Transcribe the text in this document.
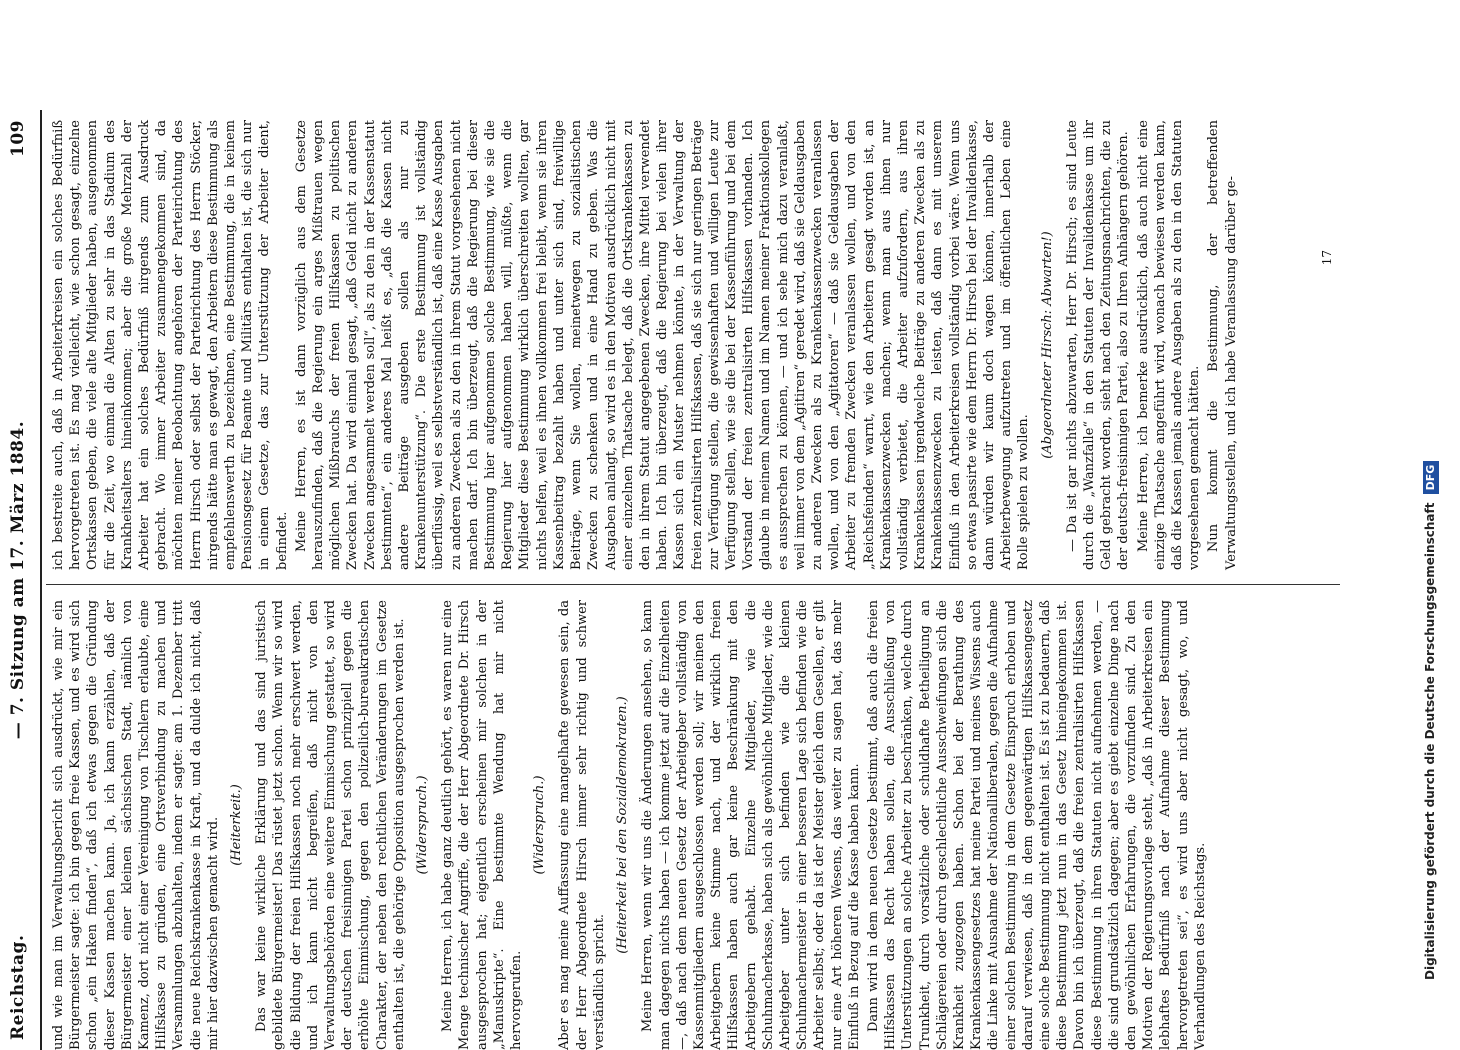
Reichstag.
— 7. Sitzung am 17. März 1884.
109

und wie man im Verwaltungsbericht sich ausdrückt, wie mir ein Bürgermeister sagte: ich bin gegen freie Kassen, und es wird sich schon „ein Haken finden“, daß ich etwas gegen die Gründung dieser Kassen machen kann. Ja, ich kann erzählen, daß der Bürgermeister einer kleinen sächsischen Stadt, nämlich von Kamenz, dort nicht einer Vereinigung von Tischlern erlaubte, eine Hilfskasse zu gründen, eine Ortsverbindung zu machen und Versammlungen abzuhalten, indem er sagte: am 1. Dezember tritt die neue Reichskrankenkasse in Kraft, und da dulde ich nicht, daß mir hier dazwischen gemacht wird. (Heiterkeit.) Das war keine wirkliche Erklärung und das sind juristisch gebildete Bürgermeister! Das rüstet jetzt schon. Wenn wir so wird die Bildung der freien Hilfskassen noch mehr erschwert werden, und ich kann nicht begreifen, daß nicht von den Verwaltungsbehörden eine weitere Einmischung gestattet, so wird der deutschen freisinnigen Partei schon prinzipiell gegen die erhöhte Einmischung, gegen den polizeilich-bureaukratischen Charakter, der neben den rechtlichen Veränderungen im Gesetze enthalten ist, die gehörige Opposition ausgesprochen werden ist. (Widerspruch.) Meine Herren, ich habe ganz deutlich gehört, es waren nur eine Menge technischer Angriffe, die der Herr Abgeordnete Dr. Hirsch ausgesprochen hat; eigentlich erscheinen mir solchen in der „Manuskripte“. Eine bestimmte Wendung hat mir nicht hervorgerufen.

(Widerspruch.) Aber es mag meine Auffassung eine mangelhafte gewesen sein, da der Herr Abgeordnete Hirsch immer sehr richtig und schwer verständlich spricht.

(Heiterkeit bei den Sozialdemokraten.) Meine Herren, wenn wir uns die Änderungen ansehen, so kann man dagegen nichts haben — ich komme jetzt auf die Einzelheiten —, daß nach dem neuen Gesetz der Arbeitgeber vollständig von Kassenmitgliedern ausgeschlossen werden soll; wir meinen den Arbeitgebern keine Stimme nach, und der wirklich freien Hilfskassen haben auch gar keine Beschränkung mit den Arbeitgebern gehabt. Einzelne Mitglieder, wie die Schuhmacherkasse, haben sich als gewöhnliche Mitglieder, wie die Arbeitgeber unter sich befinden wie die kleinen Schuhmachermeister in einer besseren Lage sich befinden wie die Arbeiter selbst; oder da ist der Meister gleich dem Gesellen, er gilt nur eine Art höheren Wesens, das weiter zu sagen hat, das mehr Einfluß in Bezug auf die Kasse haben kann. Dann wird in dem neuen Gesetze bestimmt, daß auch die freien Hilfskassen das Recht haben sollen, die Ausschließung von Unterstützungen an solche Arbeiter zu beschränken, welche durch Trunkheit, durch vorsätzliche oder schuldhafte Betheiligung an Schlägereien oder durch geschlechtliche Ausschweifungen sich die Krankheit zugezogen haben. Schon bei der Berathung des Krankenkassengesetzes hat meine Partei und meines Wissens auch die Linke mit Ausnahme der Nationalliberalen, gegen die Aufnahme einer solchen Bestimmung in dem Gesetze Einspruch erhoben und darauf verwiesen, daß in dem gegenwärtigen Hilfskassengesetz eine solche Bestimmung nicht enthalten ist. Es ist zu bedauern, daß diese Bestimmung jetzt nun in das Gesetz hineingekommen ist. Davon bin ich überzeugt, daß die freien zentralisirten Hilfskassen diese Bestimmung in ihren Statuten nicht aufnehmen werden, — die sind grundsätzlich dagegen; aber es giebt einzelne Dinge nach den gewöhnlichen Erfahrungen, die vorzufinden sind. Zu den Motiven der Regierungsvorlage steht, „daß in Arbeiterkreisen ein lebhaftes Bedürfniß nach der Aufnahme dieser Bestimmung hervorgetreten sei“, es wird uns aber nicht gesagt, wo, und Verhandlungen des Reichstags.

ich bestreite auch, daß in Arbeiterkreisen ein solches Bedürfniß hervorgetreten ist. Es mag vielleicht, wie schon gesagt, einzelne Ortskassen geben, die viele alte Mitglieder haben, ausgenommen für die Zeit, wo einmal die Alten zu sehr in das Stadium des Krankheitsalters hineinkommen; aber die große Mehrzahl der Arbeiter hat ein solches Bedürfniß nirgends zum Ausdruck gebracht. Wo immer Arbeiter zusammengekommen sind, da möchten meiner Beobachtung angehören der Parteirichtung des Herrn Hirsch oder selbst der Parteirichtung des Herrn Stöcker, nirgends hätte man es gewagt, den Arbeitern diese Bestimmung als empfehlenswerth zu bezeichnen, eine Bestimmung, die in keinem Pensionsgesetz für Beamte und Militärs enthalten ist, die sich nur in einem Gesetze, das zur Unterstützung der Arbeiter dient, befindet. Meine Herren, es ist dann vorzüglich aus dem Gesetze herauszufinden, daß die Regierung ein arges Mißtrauen wegen möglichen Mißbrauchs der freien Hilfskassen zu politischen Zwecken hat. Da wird einmal gesagt, „daß Geld nicht zu anderen Zwecken angesammelt werden soll“, als zu den in der Kassenstatut bestimmten“, ein anderes Mal heißt es, „daß die Kassen nicht andere Beiträge ausgeben sollen als nur zu Krankenunterstützung“. Die erste Bestimmung ist vollständig überflüssig, weil es selbstverständlich ist, daß eine Kasse Ausgaben zu anderen Zwecken als zu den in ihrem Statut vorgesehenen nicht machen darf. Ich bin überzeugt, daß die Regierung bei dieser Bestimmung hier aufgenommen solche Bestimmung, wie sie die Regierung hier aufgenommen haben will, müßte, wenn die Mitglieder diese Bestimmung wirklich überschreiten wollten, gar nichts helfen, weil es ihnen vollkommen frei bleibt, wenn sie ihren Kassenbeitrag bezahlt haben und unter sich sind, freiwillige Beiträge, wenn Sie wollen, meinetwegen zu sozialistischen Zwecken zu schenken und in eine Hand zu geben. Was die Ausgaben anlangt, so wird es in den Motiven ausdrücklich nicht mit einer einzelnen Thatsache belegt, daß die Ortskrankenkassen zu den in ihrem Statut angegebenen Zwecken, ihre Mittel verwendet haben. Ich bin überzeugt, daß die Regierung bei vielen ihrer Kassen sich ein Muster nehmen könnte, in der Verwaltung der freien zentralisirten Hilfskassen, daß sie sich nur geringen Beträge zur Verfügung stellen, die gewissenhaften und willigen Leute zur Verfügung stellen, wie sie die bei der Kassenführung und bei dem Vorstand der freien zentralisirten Hilfskassen vorhanden. Ich glaube in meinem Namen und im Namen meiner Fraktionskollegen es aussprechen zu können, — und ich sehe mich dazu veranlaßt, weil immer von dem „Agitiren“ geredet wird, daß sie Geldausgaben zu anderen Zwecken als zu Krankenkassenzwecken veranlassen wollen, und von den „Agitatoren“ — daß sie Geldausgaben der Arbeiter zu fremden Zwecken veranlassen wollen, und von den „Reichsfeinden“ warnt, wie den Arbeitern gesagt worden ist, an Krankenkassenzwecken machen; wenn man aus ihnen nur vollständig verbietet, die Arbeiter aufzufordern, aus ihren Krankenkassen irgendwelche Beiträge zu anderen Zwecken als zu Krankenkassenzwecken zu leisten, daß dann es mit unserem Einfluß in den Arbeiterkreisen vollständig vorbei wäre. Wenn uns so etwas passirte wie dem Herrn Dr. Hirsch bei der Invalidenkasse, dann würden wir kaum doch wagen können, innerhalb der Arbeiterbewegung aufzutreten und im öffentlichen Leben eine Rolle spielen zu wollen.

(Abgeordneter Hirsch: Abwarten!) — Da ist gar nichts abzuwarten, Herr Dr. Hirsch; es sind Leute durch die „Wanzfalle“ in den Statuten der Invalidenkasse um ihr Geld gebracht worden, sieht nach den Zeitungsnachrichten, die zu der deutsch-freisinnigen Partei, also zu Ihren Anhängern gehören. Meine Herren, ich bemerke ausdrücklich, daß auch nicht eine einzige Thatsache angeführt wird, wonach bewiesen werden kann, daß die Kassen jemals andere Ausgaben als zu den in den Statuten vorgesehenen gemacht hätten. Nun kommt die Bestimmung, der betreffenden Verwaltungsstellen, und ich habe Veranlassung darüber ge-	17
Digitalisierung gefördert durch die Deutsche Forschungsgemeinschaft DFG
